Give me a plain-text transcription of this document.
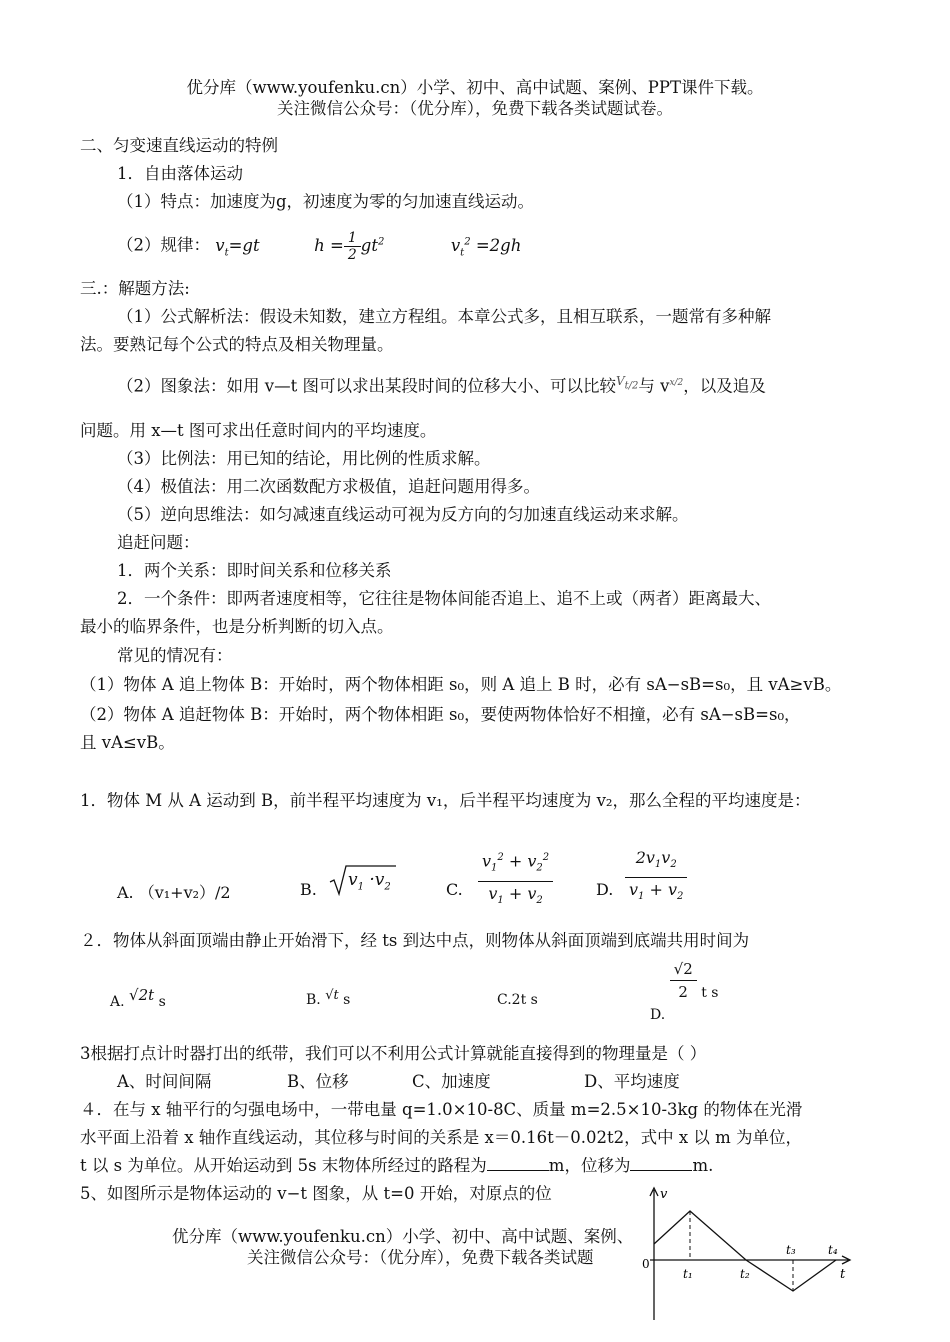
优分库（www.youfenku.cn）小学、初中、高中试题、案例、PPT课件下载。
关注微信公众号：（优分库），免费下载各类试题试卷。
二、匀变速直线运动的特例
1．自由落体运动
（1）特点：加速度为g，初速度为零的匀加速直线运动。
（2）规律： $v_t=gt$	$h = \frac{1}{2} gt^2$	$v_t^2 =2gh$
三.：解题方法:
（1）公式解析法：假设未知数，建立方程组。本章公式多，且相互联系，一题常有多种解
法。要熟记每个公式的特点及相关物理量。
（2）图象法：如用 v—t 图可以求出某段时间的位移大小、可以比较$^{V_{t/2}}$与 $v^{x/2}$，以及追及
问题。用 x—t 图可求出任意时间内的平均速度。
（3）比例法：用已知的结论，用比例的性质求解。
（4）极值法：用二次函数配方求极值，追赶问题用得多。
（5）逆向思维法：如匀减速直线运动可视为反方向的匀加速直线运动来求解。
追赶问题：
1．两个关系：即时间关系和位移关系
2．一个条件：即两者速度相等，它往往是物体间能否追上、追不上或（两者）距离最大、
最小的临界条件，也是分析判断的切入点。
常见的情况有：
（1）物体 A 追上物体 B：开始时，两个物体相距 s₀，则 A 追上 B 时，必有 sA−sB=s₀，且 vA≥vB。
（2）物体 A 追赶物体 B：开始时，两个物体相距 s₀，要使两物体恰好不相撞，必有 sA−sB=s₀，
且 vA≤vB。
1．物体 M 从 A 运动到 B，前半程平均速度为 v₁，后半程平均速度为 v₂，那么全程的平均速度是：
A. （v₁+v₂）/2	B.	$v_1 \cdot v_2$	C. $\frac{v_1^2 + v_2^2}{v_1 + v_2}$	D. $\frac{2v_1v_2}{v_1 + v_2}$
２．物体从斜面顶端由静止开始滑下，经 ts 到达中点，则物体从斜面顶端到底端共用时间为
A. √2t s	B. √t s	C.2t s
D.
$\frac{√2}{2}$ t s
3根据打点计时器打出的纸带，我们可以不利用公式计算就能直接得到的物理量是（ ）
A、时间间隔	B、位移	C、加速度	D、平均速度
４．在与 x 轴平行的匀强电场中，一带电量 q=1.0×10-8C、质量 m=2.5×10-3kg 的物体在光滑
水平面上沿着 x 轴作直线运动，其位移与时间的关系是 x＝0.16t－0.02t2，式中 x 以 m 为单位，
t 以 s 为单位。从开始运动到 5s 末物体所经过的路程为	m，位移为	m.
5、如图所示是物体运动的 v−t 图象，从 t=0 开始，对原点的位
优分库（www.youfenku.cn）小学、初中、高中试题、案例、
关注微信公众号：（优分库），免费下载各类试题
v
t
0
t₁	t₂
t₃	t₄
